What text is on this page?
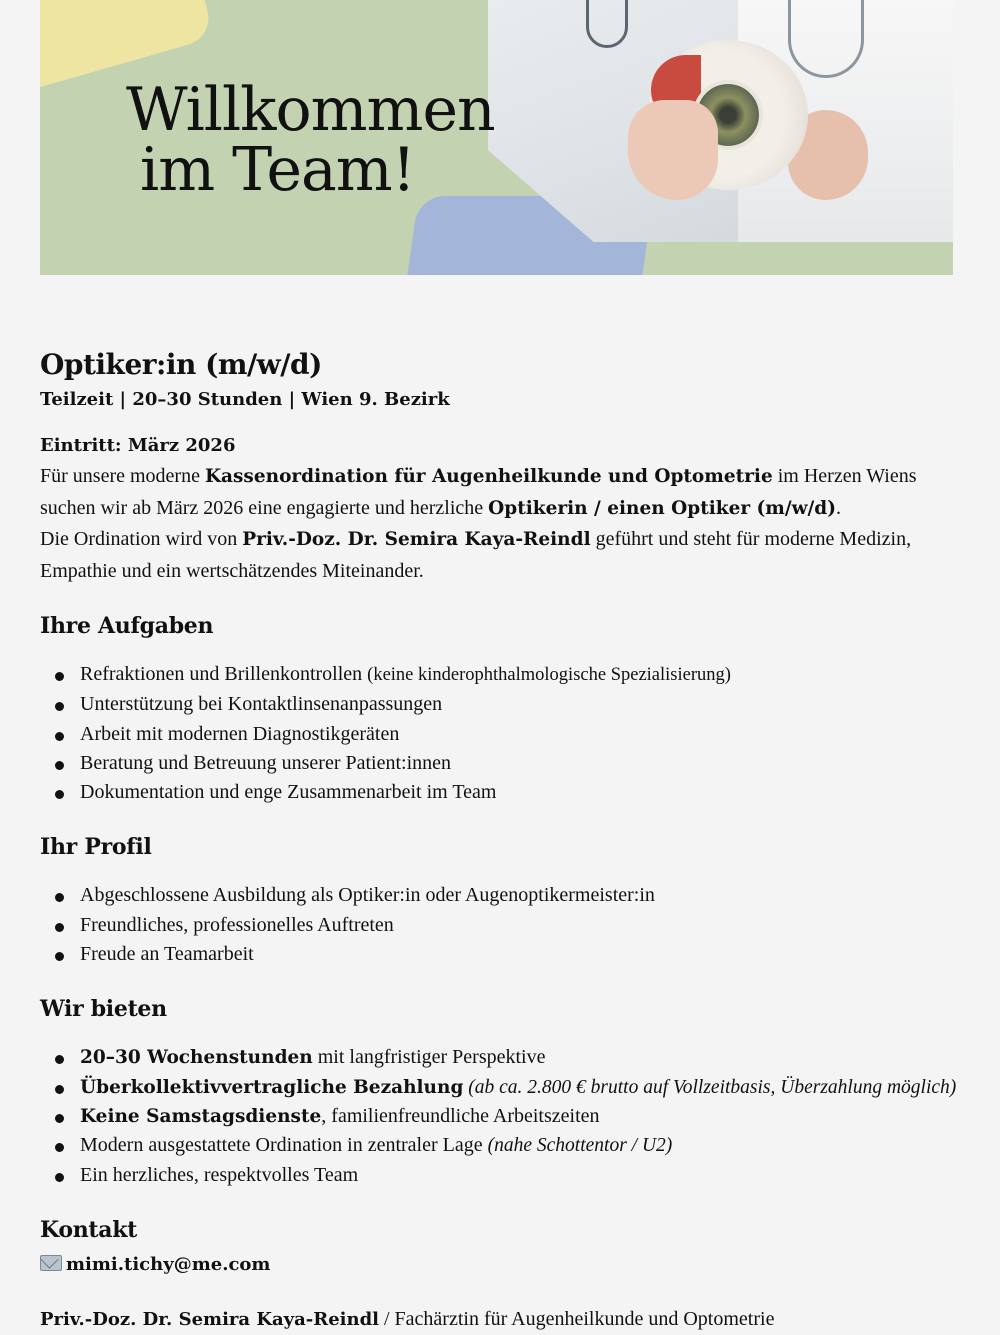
Willkommen
im Team!
Optiker:in (m/w/d)

Teilzeit | 20–30 Stunden | Wien 9. Bezirk

Eintritt: März 2026

Für unsere moderne Kassenordination für Augenheilkunde und Optometrie im Herzen Wiens suchen wir ab März 2026 eine engagierte und herzliche Optikerin / einen Optiker (m/w/d).
Die Ordination wird von Priv.-Doz. Dr. Semira Kaya-Reindl geführt und steht für moderne Medizin, Empathie und ein wertschätzendes Miteinander.

Ihre Aufgaben
Refraktionen und Brillenkontrollen (keine kinderophthalmologische Spezialisierung)
Unterstützung bei Kontaktlinsenanpassungen
Arbeit mit modernen Diagnostikgeräten
Beratung und Betreuung unserer Patient:innen
Dokumentation und enge Zusammenarbeit im Team
Ihr Profil
Abgeschlossene Ausbildung als Optiker:in oder Augenoptikermeister:in
Freundliches, professionelles Auftreten
Freude an Teamarbeit
Wir bieten
20–30 Wochenstunden mit langfristiger Perspektive
Überkollektivvertragliche Bezahlung (ab ca. 2.800 € brutto auf Vollzeitbasis, Überzahlung möglich)
Keine Samstagsdienste, familienfreundliche Arbeitszeiten
Modern ausgestattete Ordination in zentraler Lage (nahe Schottentor / U2)
Ein herzliches, respektvolles Team
Kontakt

mimi.tichy@me.com

Priv.-Doz. Dr. Semira Kaya-Reindl / Fachärztin für Augenheilkunde und Optometrie
